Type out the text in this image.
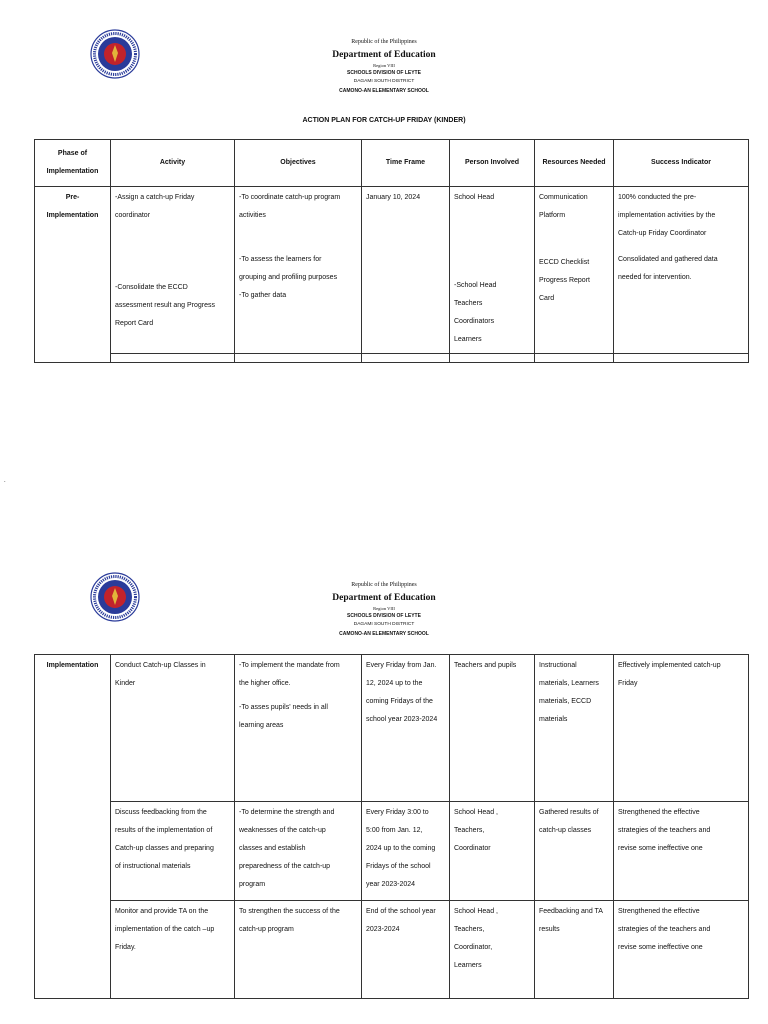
Republic of the Philippines
Department of Education
Region VIII
SCHOOLS DIVISION OF LEYTE
DAGAMI SOUTH DISTRICT
CAMONO-AN ELEMENTARY SCHOOL
ACTION PLAN FOR CATCH-UP FRIDAY (KINDER)
Phase of
Implementation	Activity	Objectives	Time Frame	Person Involved	Resources Needed	Success Indicator

Pre-
Implementation	-Assign a catch-up Friday
coordinator
-Consolidate the ECCD
assessment result ang Progress
Report Card	-To coordinate catch-up program
activities
-To assess the learners for
grouping and profiling purposes
-To gather data	January 10, 2024	School Head
-School Head
Teachers
Coordinators
Learners	Communication
Platform
ECCD Checklist
Progress Report
Card	100% conducted the pre-
implementation activities by the
Catch-up Friday Coordinator
Consolidated and gathered data
needed for intervention.

.
Republic of the Philippines
Department of Education
Region VIII
SCHOOLS DIVISION OF LEYTE
DAGAMI SOUTH DISTRICT
CAMONO-AN ELEMENTARY SCHOOL
Implementation	Conduct Catch-up Classes in
Kinder	-To implement the mandate from
the higher office.
-To asses pupils' needs in all
learning areas	Every Friday from Jan.
12, 2024 up to the
coming Fridays of the
school year 2023-2024	Teachers and pupils	Instructional
materials, Learners
materials, ECCD
materials	Effectively implemented catch-up
Friday

	Discuss feedbacking from the
results of the implementation of
Catch-up classes and preparing
of instructional materials	-To determine the strength and
weaknesses of the catch-up
classes and establish
preparedness of the catch-up
program	Every Friday 3:00 to
5:00 from Jan. 12,
2024 up to the coming
Fridays of the school
year 2023-2024	School Head ,
Teachers,
Coordinator	Gathered results of
catch-up classes	Strengthened the effective
strategies of the teachers and
revise some ineffective one

	Monitor and provide TA on the
implementation of the catch –up
Friday.	To strengthen the success of the
catch-up program	End of the school year
2023-2024	School Head ,
Teachers,
Coordinator,
Learners	Feedbacking and TA
results	Strengthened the effective
strategies of the teachers and
revise some ineffective one
